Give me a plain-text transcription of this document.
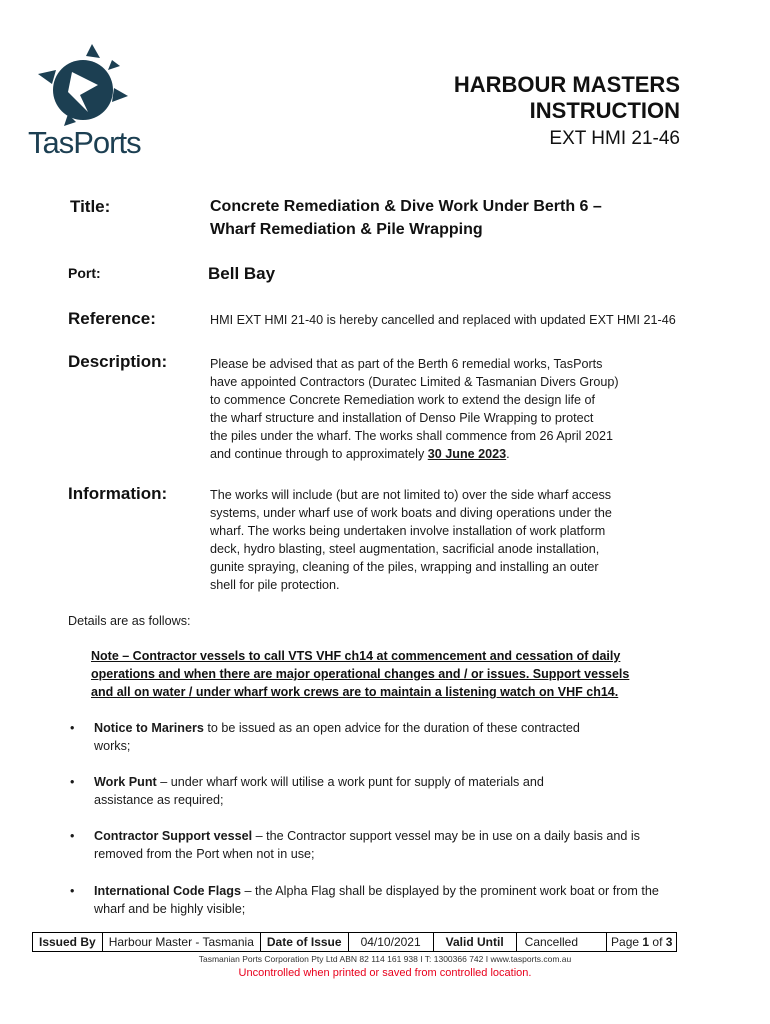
TasPorts
HARBOUR MASTERS INSTRUCTION
EXT HMI 21-46
Title:	Concrete Remediation & Dive Work Under Berth 6 –
Wharf Remediation & Pile Wrapping
Port:	Bell Bay
Reference:	HMI EXT HMI 21-40 is hereby cancelled and replaced with updated EXT HMI 21-46
Description:	Please be advised that as part of the Berth 6 remedial works, TasPorts
have appointed Contractors (Duratec Limited & Tasmanian Divers Group)
to commence Concrete Remediation work to extend the design life of
the wharf structure and installation of Denso Pile Wrapping to protect
the piles under the wharf. The works shall commence from 26 April 2021
and continue through to approximately 30 June 2023.
Information:	The works will include (but are not limited to) over the side wharf access
systems, under wharf use of work boats and diving operations under the
wharf. The works being undertaken involve installation of work platform
deck, hydro blasting, steel augmentation, sacrificial anode installation,
gunite spraying, cleaning of the piles, wrapping and installing an outer
shell for pile protection.
Details are as follows:
Note – Contractor vessels to call VTS VHF ch14 at commencement and cessation of daily
operations and when there are major operational changes and / or issues. Support vessels
and all on water / under wharf work crews are to maintain a listening watch on VHF ch14.
• Notice to Mariners to be issued as an open advice for the duration of these contracted
works;
• Work Punt – under wharf work will utilise a work punt for supply of materials and
assistance as required;
• Contractor Support vessel – the Contractor support vessel may be in use on a daily basis and is
removed from the Port when not in use;
• International Code Flags – the Alpha Flag shall be displayed by the prominent work boat or from the
wharf and be highly visible;
Issued By	Harbour Master - Tasmania	Date of Issue	04/10/2021	Valid Until	Cancelled	Page 1 of 3
Tasmanian Ports Corporation Pty Ltd ABN 82 114 161 938 I T: 1300366 742 I www.tasports.com.au
Uncontrolled when printed or saved from controlled location.
